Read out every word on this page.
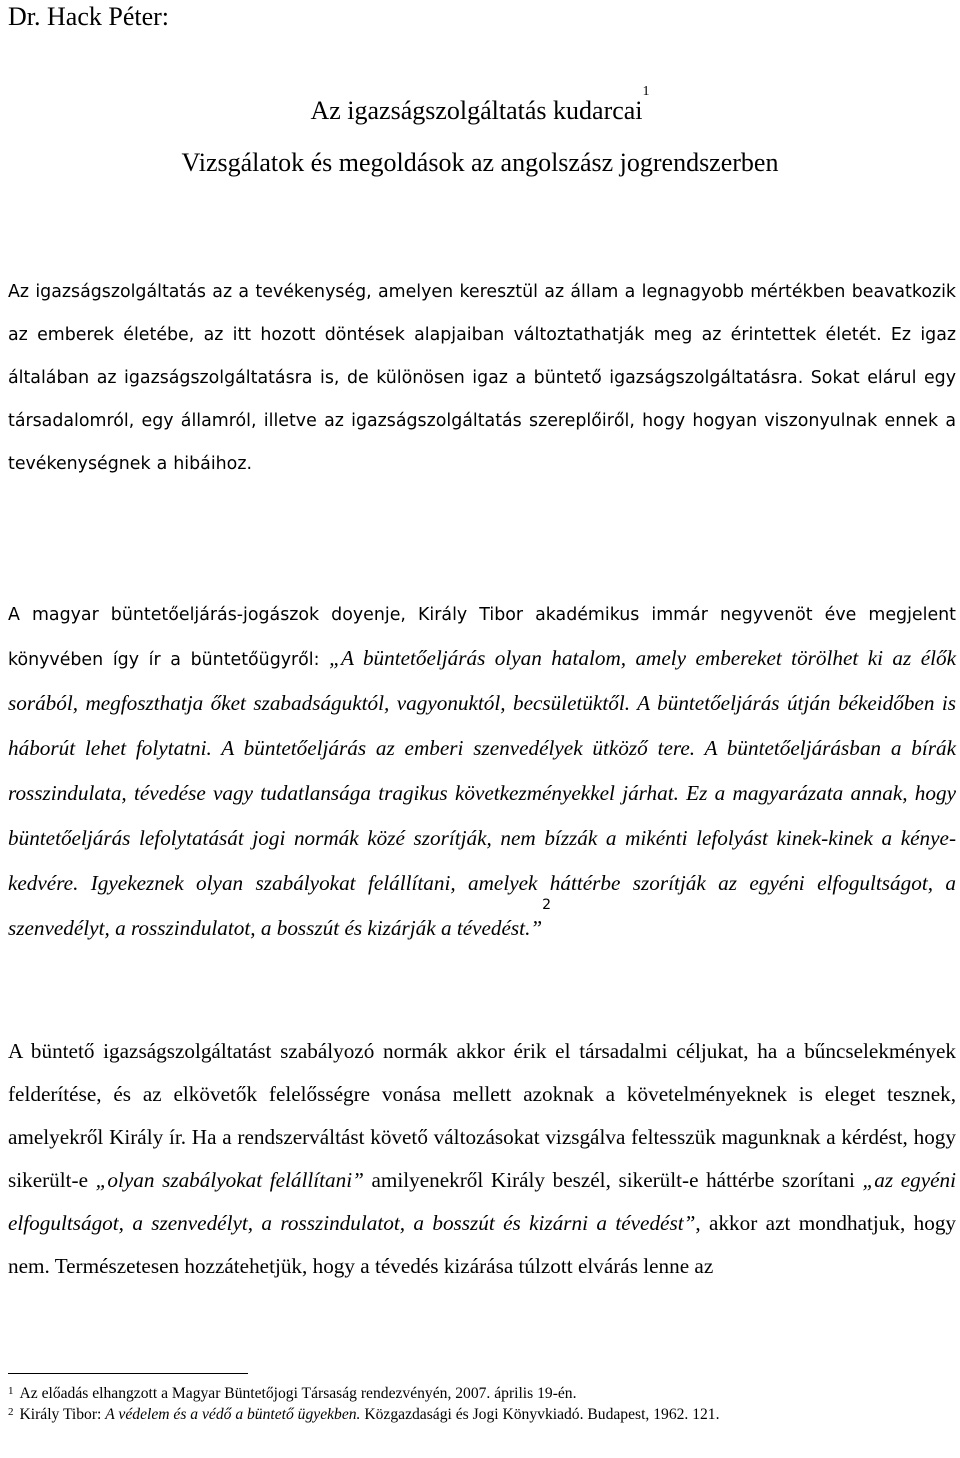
Dr. Hack Péter:
Az igazságszolgáltatás kudarcai$^1$
Vizsgálatok és megoldások az angolszász jogrendszerben

Az igazságszolgáltatás az a tevékenység, amelyen keresztül az állam a legnagyobb mértékben beavatkozik az emberek életébe, az itt hozott döntések alapjaiban változtathatják meg az érintettek életét. Ez igaz általában az igazságszolgáltatásra is, de különösen igaz a büntető igazságszolgáltatásra. Sokat elárul egy társadalomról, egy államról, illetve az igazságszolgáltatás szereplőiről, hogy hogyan viszonyulnak ennek a tevékenységnek a hibáihoz.

A magyar büntetőeljárás-jogászok doyenje, Király Tibor akadémikus immár negyvenöt éve megjelent könyvében így ír a büntetőügyről: „A büntetőeljárás olyan hatalom, amely embereket törölhet ki az élők sorából, megfoszthatja őket szabadságuktól, vagyonuktól, becsületüktől. A büntetőeljárás útján békeidőben is háborút lehet folytatni. A büntetőeljárás az emberi szenvedélyek ütköző tere. A büntetőeljárásban a bírák rosszindulata, tévedése vagy tudatlansága tragikus következményekkel járhat. Ez a magyarázata annak, hogy büntetőeljárás lefolytatását jogi normák közé szorítják, nem bízzák a mikénti lefolyást kinek-kinek a kénye-kedvére. Igyekeznek olyan szabályokat felállítani, amelyek háttérbe szorítják az egyéni elfogultságot, a szenvedélyt, a rosszindulatot, a bosszút és kizárják a tévedést.”$^2$

A büntető igazságszolgáltatást szabályozó normák akkor érik el társadalmi céljukat, ha a bűncselekmények felderítése, és az elkövetők felelősségre vonása mellett azoknak a követelményeknek is eleget tesznek, amelyekről Király ír. Ha a rendszerváltást követő változásokat vizsgálva feltesszük magunknak a kérdést, hogy sikerült-e „olyan szabályokat felállítani” amilyenekről Király beszél, sikerült-e háttérbe szorítani „az egyéni elfogultságot, a szenvedélyt, a rosszindulatot, a bosszút és kizárni a tévedést”, akkor azt mondhatjuk, hogy nem. Természetesen hozzátehetjük, hogy a tévedés kizárása túlzott elvárás lenne az

$^1$ Az előadás elhangzott a Magyar Büntetőjogi Társaság rendezvényén, 2007. április 19-én.

$^2$ Király Tibor: A védelem és a védő a büntető ügyekben. Közgazdasági és Jogi Könyvkiadó. Budapest, 1962. 121.
